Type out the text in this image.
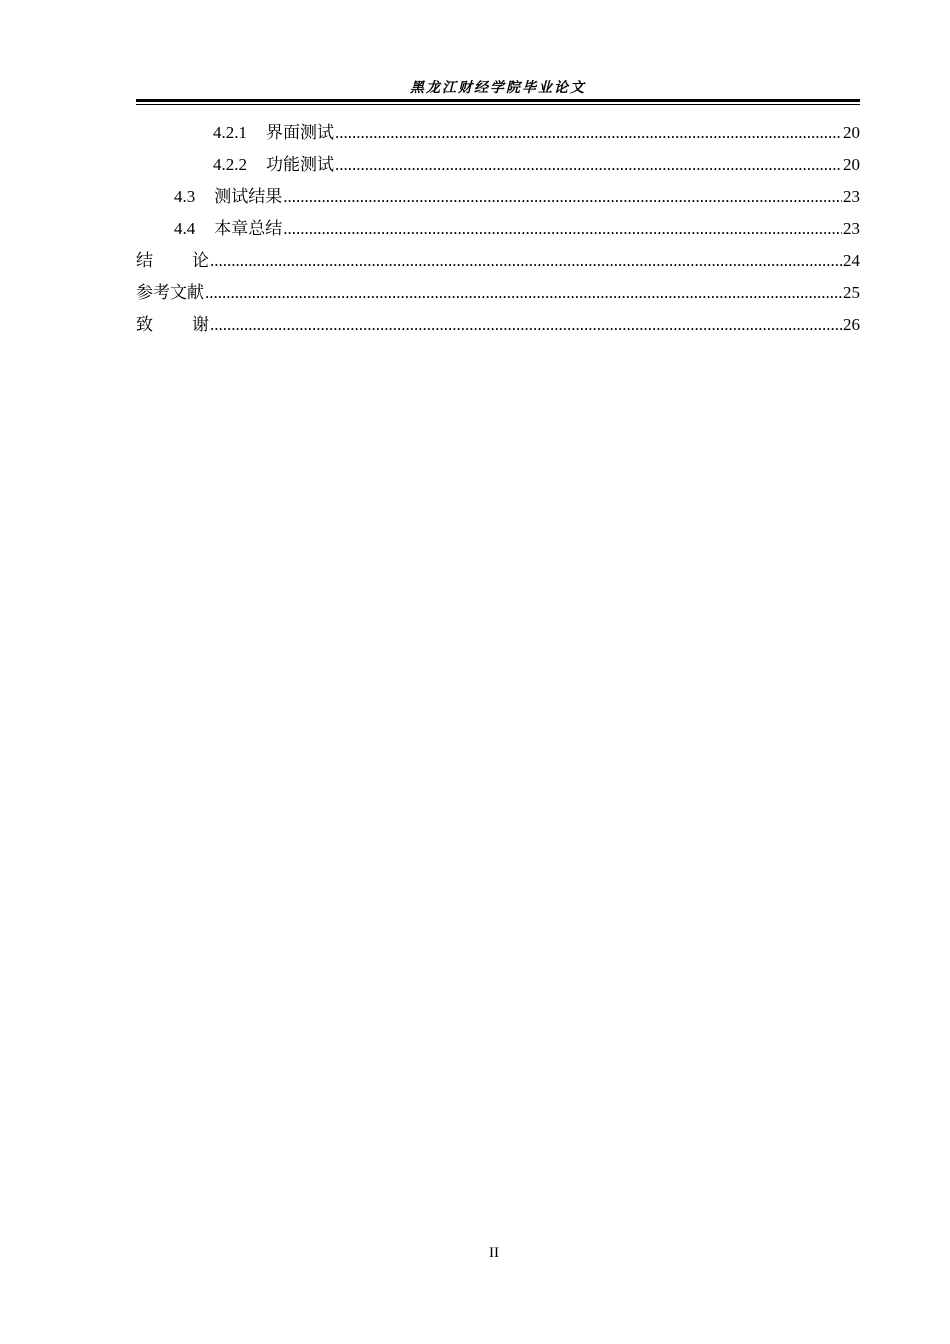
黑龙江财经学院毕业论文
4.2.1 界面测试 .....	20
4.2.2 功能测试 .....	20
4.3 测试结果 .....	23
4.4 本章总结 .....	23
结 论 .....	24
参考文献 .....	25
致 谢 .....	26
II
